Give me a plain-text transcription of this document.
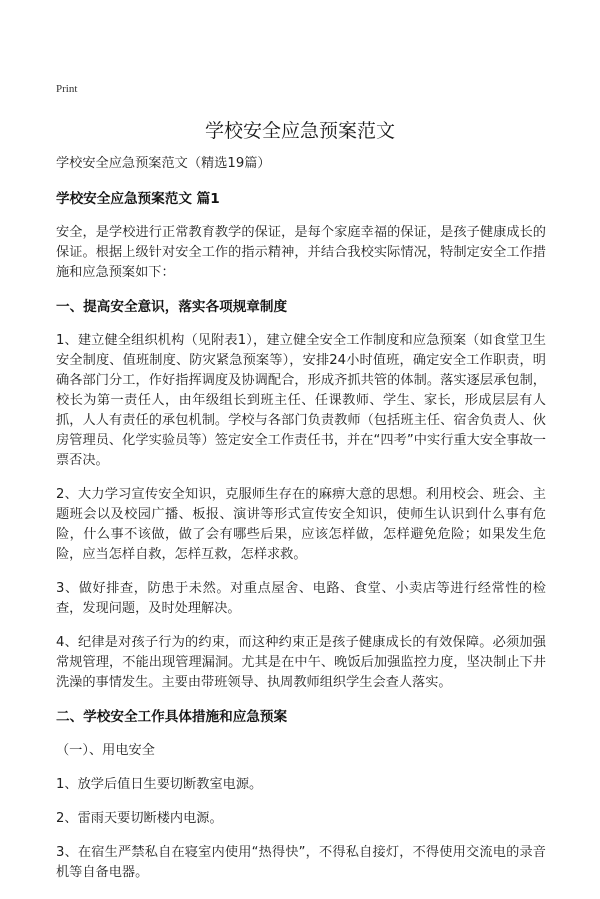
Print
学校安全应急预案范文

学校安全应急预案范文（精选19篇）

学校安全应急预案范文 篇1

安全，是学校进行正常教育教学的保证，是每个家庭幸福的保证，是孩子健康成长的保证。根据上级针对安全工作的指示精神，并结合我校实际情况，特制定安全工作措施和应急预案如下：

一、提高安全意识，落实各项规章制度

1、建立健全组织机构（见附表1），建立健全安全工作制度和应急预案（如食堂卫生安全制度、值班制度、防灾紧急预案等），安排24小时值班，确定安全工作职责，明确各部门分工，作好指挥调度及协调配合，形成齐抓共管的体制。落实逐层承包制，校长为第一责任人，由年级组长到班主任、任课教师、学生、家长，形成层层有人抓，人人有责任的承包机制。学校与各部门负责教师（包括班主任、宿舍负责人、伙房管理员、化学实验员等）签定安全工作责任书，并在“四考”中实行重大安全事故一票否决。

2、大力学习宣传安全知识，克服师生存在的麻痹大意的思想。利用校会、班会、主题班会以及校园广播、板报、演讲等形式宣传安全知识，使师生认识到什么事有危险，什么事不该做，做了会有哪些后果，应该怎样做，怎样避免危险；如果发生危险，应当怎样自救，怎样互救，怎样求救。

3、做好排查，防患于未然。对重点屋舍、电路、食堂、小卖店等进行经常性的检查，发现问题，及时处理解决。

4、纪律是对孩子行为的约束，而这种约束正是孩子健康成长的有效保障。必须加强常规管理，不能出现管理漏洞。尤其是在中午、晚饭后加强监控力度，坚决制止下井洗澡的事情发生。主要由带班领导、执周教师组织学生会查人落实。

二、学校安全工作具体措施和应急预案

（一）、用电安全

1、放学后值日生要切断教室电源。

2、雷雨天要切断楼内电源。

3、在宿生严禁私自在寝室内使用“热得快”，不得私自接灯，不得使用交流电的录音机等自备电器。
